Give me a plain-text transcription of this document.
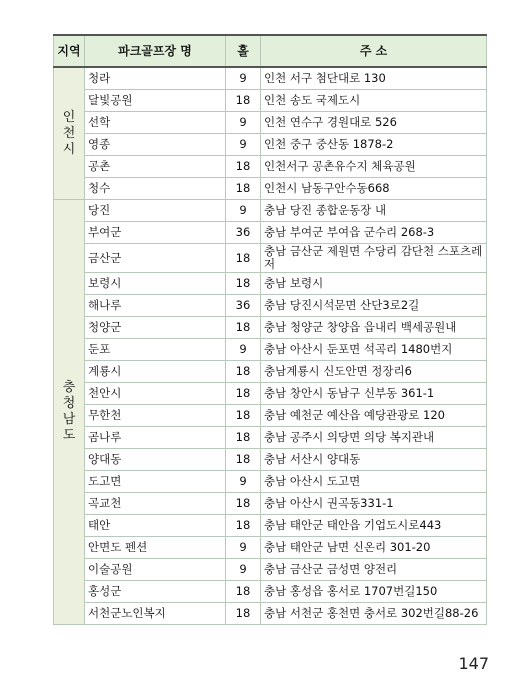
지역	파크골프장 명	홀	주 소

인
천
시	청라	9	인천 서구 첨단대로 130
	달빛공원	18	인천 송도 국제도시
	선학	9	인천 연수구 경원대로 526
	영종	9	인천 중구 중산동 1878-2
	공촌	18	인천서구 공촌유수지 체육공원
	청수	18	인천시 남동구안수동668

충
청
남
도	당진	9	충남 당진 종합운동장 내
	부여군	36	충남 부여군 부여읍 군수리 268-3
	금산군	18	충남 금산군 제원면 수당리 감단천 스포츠레저
	보령시	18	충남 보령시
	해나루	36	충남 당진시석문면 산단3로2길
	청양군	18	충남 청양군 창양읍 읍내리 백세공원내
	둔포	9	충남 아산시 둔포면 석곡리 1480번지
	계룡시	18	충남계룡시 신도안면 정장리6
	천안시	18	충남 창안시 동남구 신부동 361-1
	무한천	18	충남 예천군 예산읍 예당관광로 120
	곰나루	18	충남 공주시 의당면 의당 복지관내
	양대동	18	충남 서산시 양대동
	도고면	9	충남 아산시 도고면
	곡교천	18	충남 아산시 권곡동331-1
	태안	18	충남 태안군 태안읍 기업도시로443
	안면도 펜션	9	충남 태안군 남면 신온리 301-20
	이술공원	9	충남 금산군 금성면 양전리
	홍성군	18	충남 홍성읍 홍서로 1707번길150
	서천군노인복지	18	충남 서천군 홍천면 충서로 302번길88-26
147
